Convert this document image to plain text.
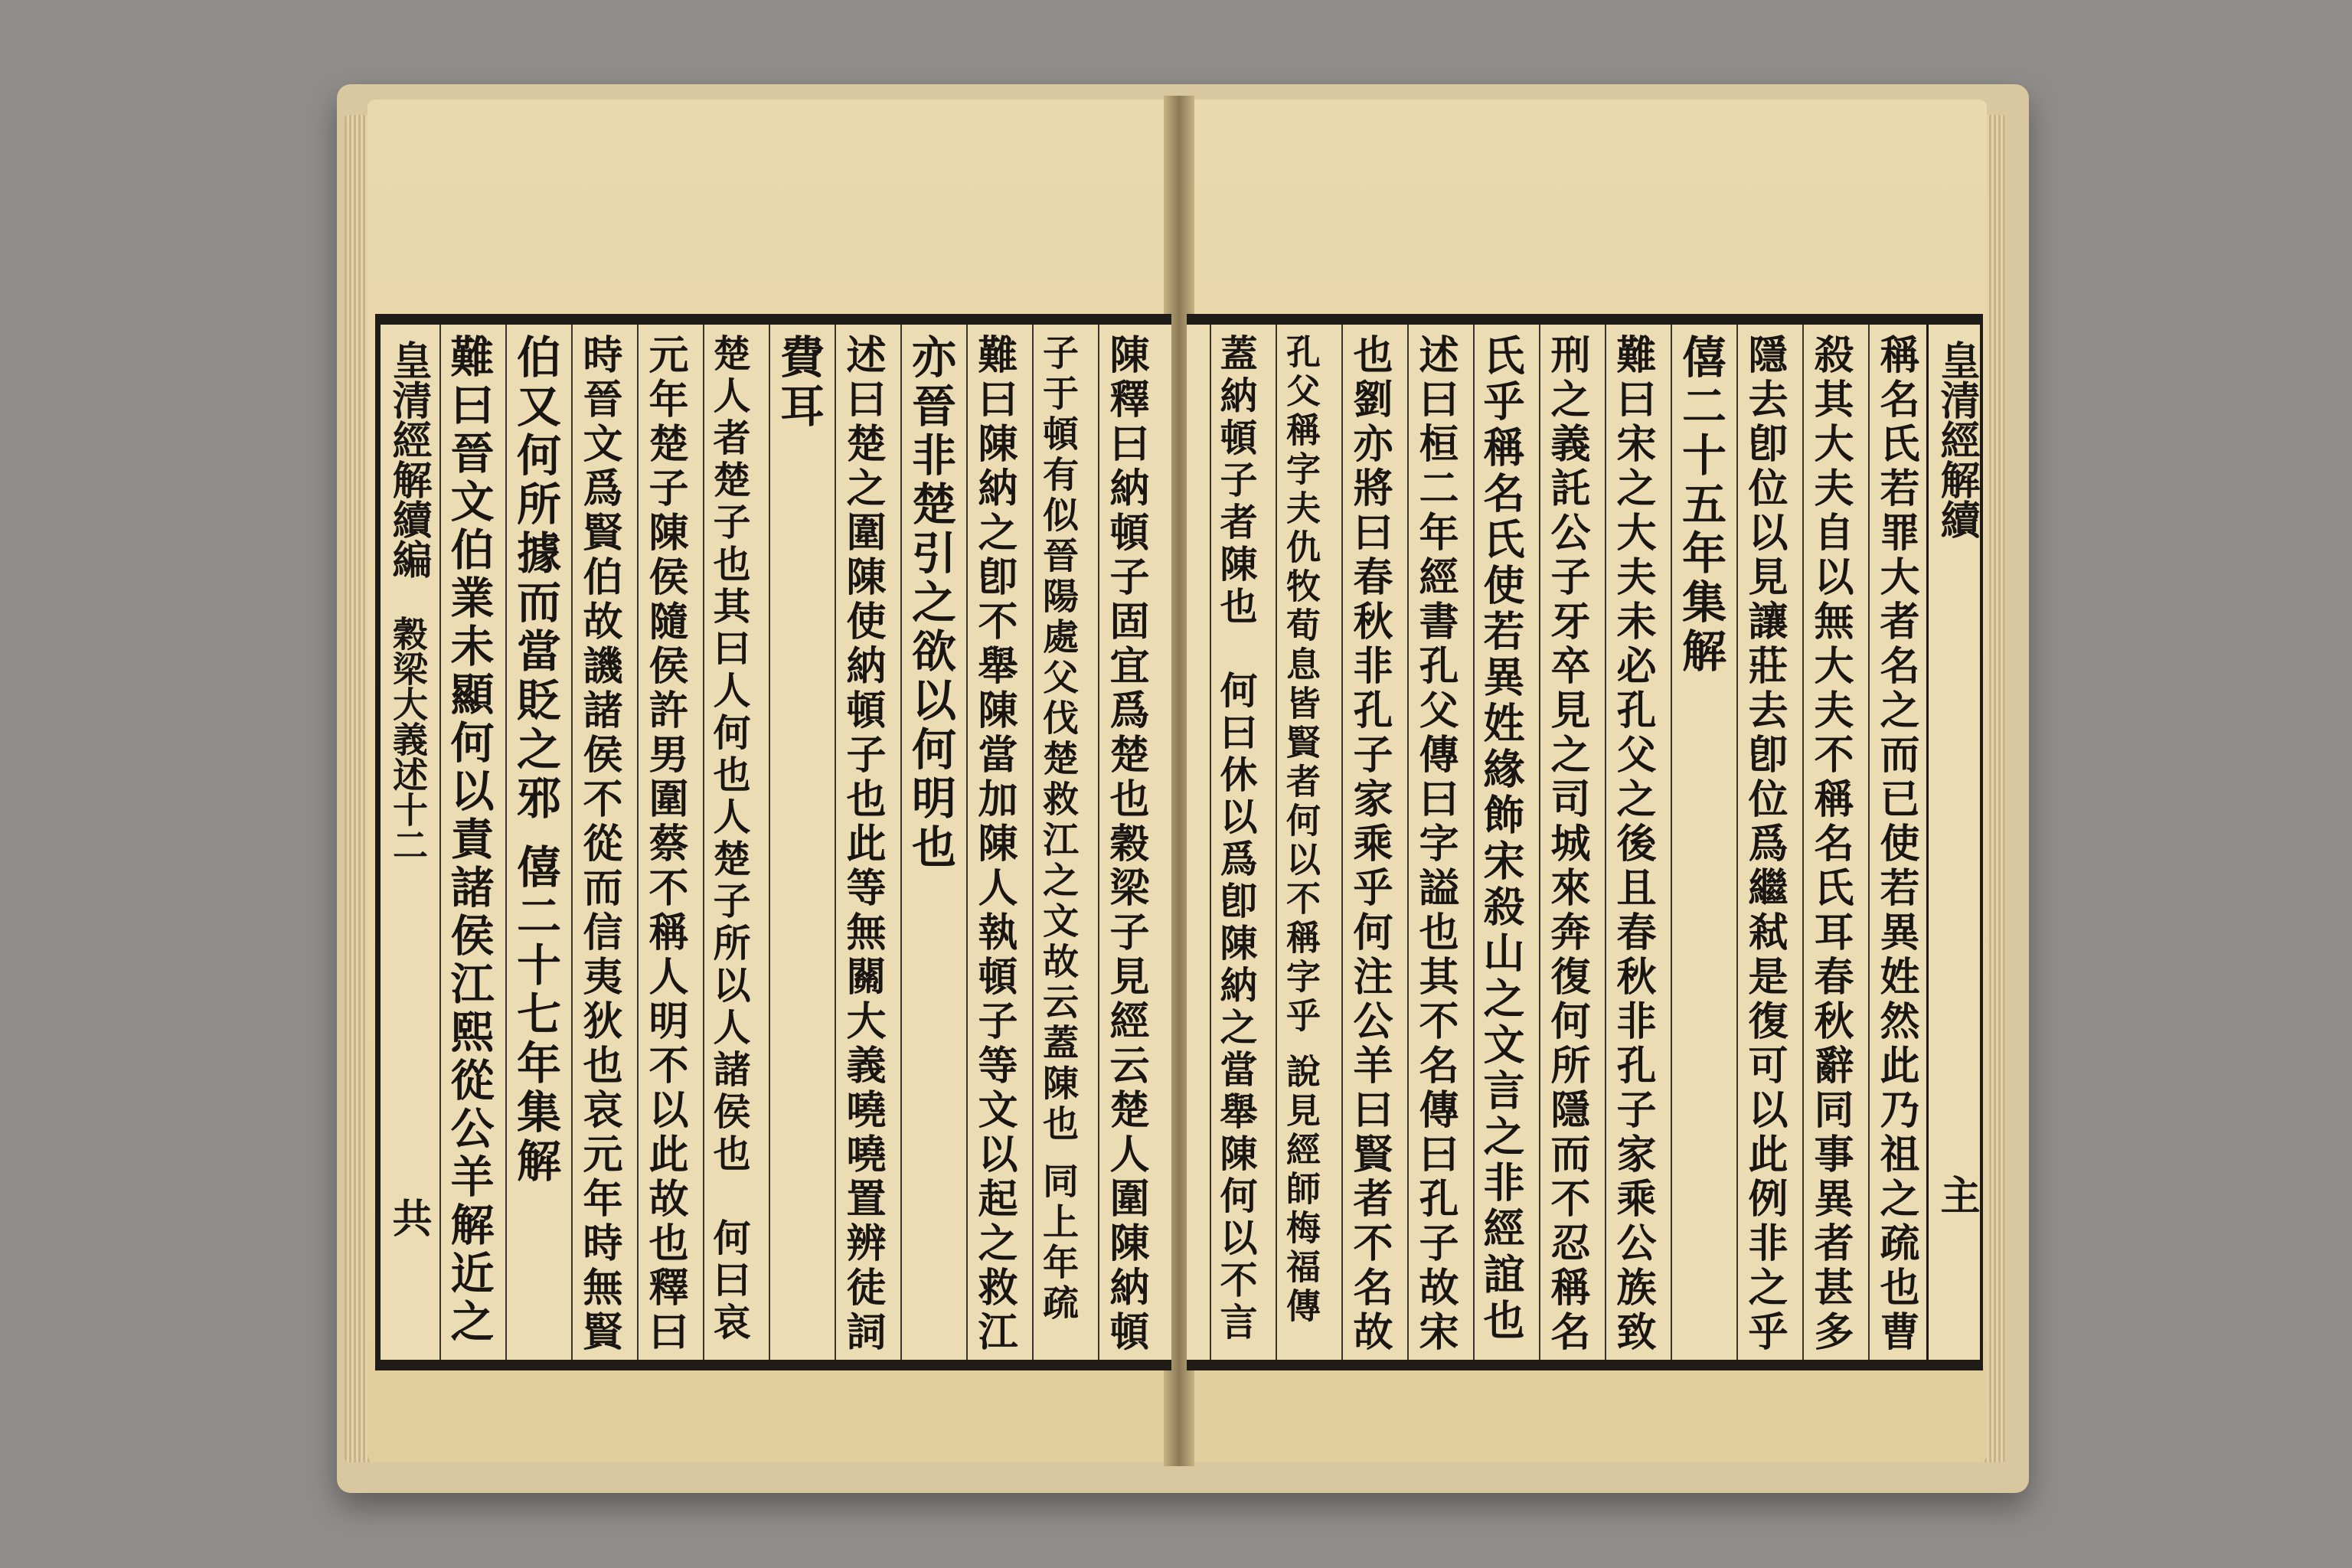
皇清經解續編
穀梁大義述十二
共	陳釋曰納頓子固宜爲楚也穀梁子見經云楚人圍陳納頓
子于頓有似晉陽處父伐楚救江之文故云蓋陳也 同上年疏
難曰陳納之卽不舉陳當加陳人執頓子等文以起之救江
亦晉非楚引之欲以何明也
述曰楚之圍陳使納頓子也此等無關大義嘵嘵置辨徒詞
費耳
楚人者楚子也其曰人何也人楚子所以人諸侯也　何曰哀
元年楚子陳侯隨侯許男圍蔡不稱人明不以此故也釋曰
時晉文爲賢伯故譏諸侯不從而信夷狄也哀元年時無賢
伯又何所據而當貶之邪 僖二十七年集解
難曰晉文伯業未顯何以責諸侯江熙從公羊解近之	稱名氏若罪大者名之而已使若異姓然此乃祖之疏也曹
殺其大夫自以無大夫不稱名氏耳春秋辭同事異者甚多
隱去卽位以見讓莊去卽位爲繼弒是復可以此例非之乎
僖二十五年集解
難曰宋之大夫未必孔父之後且春秋非孔子家乘公族致
刑之義託公子牙卒見之司城來奔復何所隱而不忍稱名
氏乎稱名氏使若異姓緣飾宋殺山之文言之非經誼也
述曰桓二年經書孔父傳曰字謚也其不名傳曰孔子故宋
也劉亦將曰春秋非孔子家乘乎何注公羊曰賢者不名故
孔父稱字夫仇牧荀息皆賢者何以不稱字乎 說見經師梅福傳
蓋納頓子者陳也　何曰休以爲卽陳納之當舉陳何以不言	皇清經解續
主
